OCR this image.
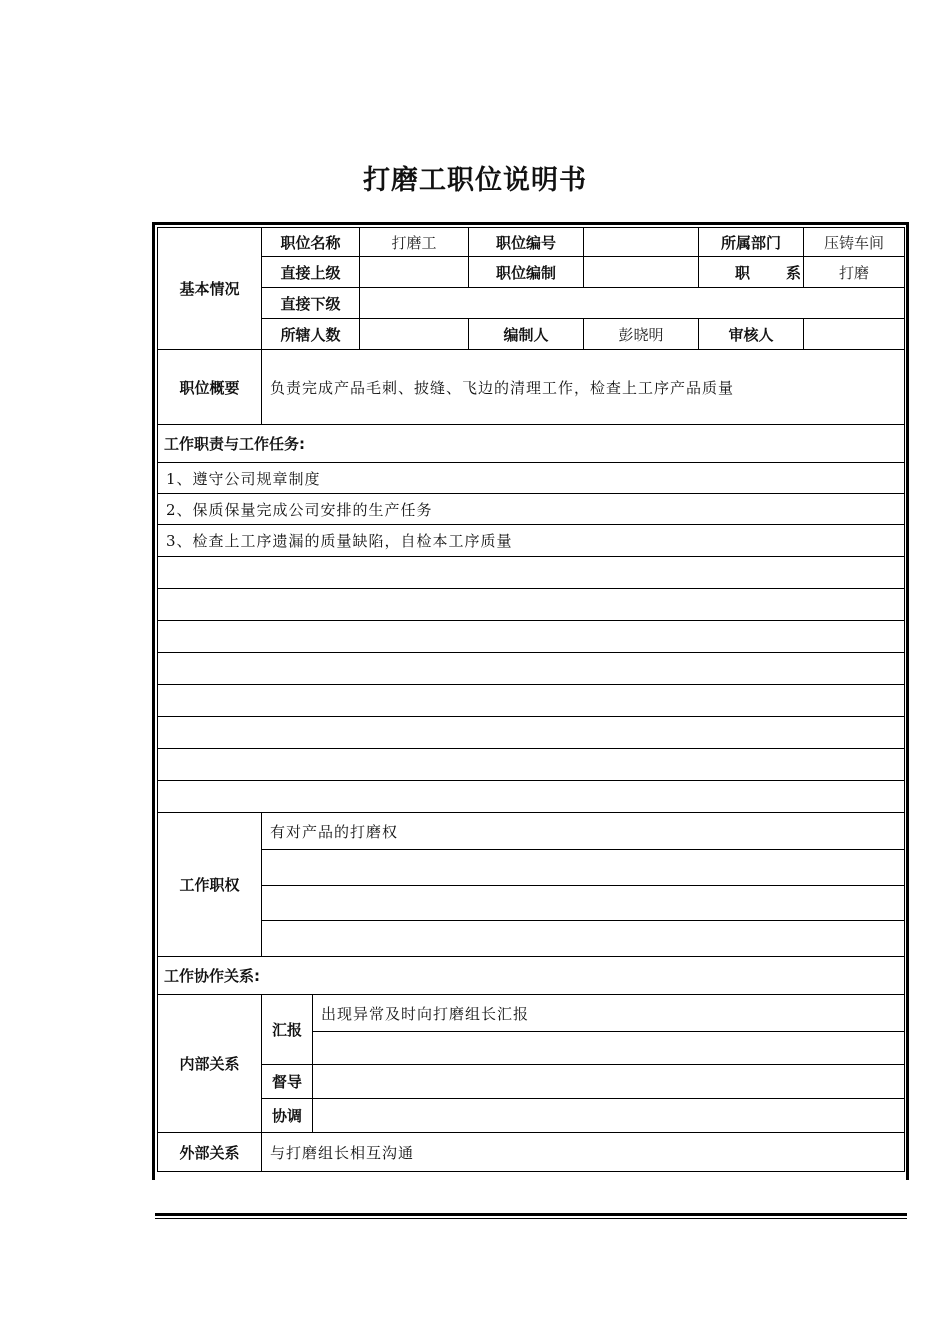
打磨工职位说明书
基本情况	职位名称		打磨工	职位编号		所属部门	压铸车间
	直接上级			职位编制		职系	打磨
	直接下级						
	所辖人数			编制人	彭晓明	审核人	
职位概要	负责完成产品毛刺、披缝、飞边的清理工作，检查上工序产品质量						
工作职责与工作任务:							
1、遵守公司规章制度							
2、保质保量完成公司安排的生产任务							
3、检查上工序遗漏的质量缺陷，自检本工序质量							

工作职权	有对产品的打磨权						

工作协作关系:							
内部关系	汇报	出现异常及时向打磨组长汇报					

	督导						
	协调						
外部关系	与打磨组长相互沟通						
